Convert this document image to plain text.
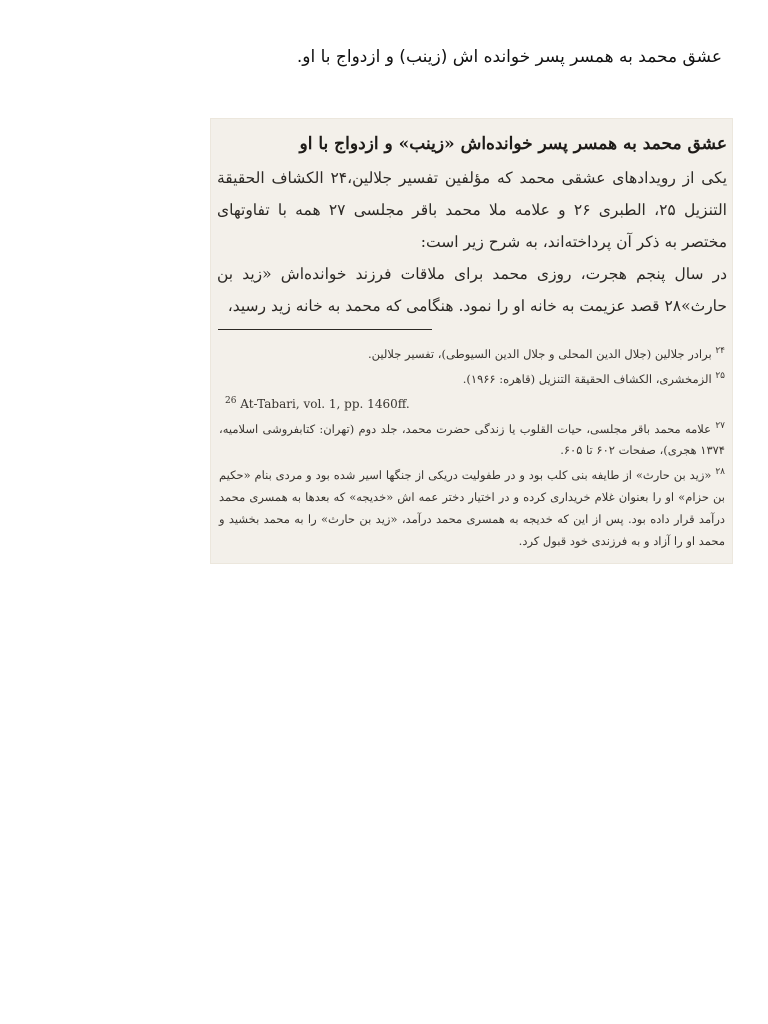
عشق محمد به همسر پسر خوانده اش (زینب) و ازدواج با او.
عشق محمد به همسر پسر خوانده‌اش «زینب» و ازدواج با او

یکی از رویدادهای عشقی محمد که مؤلفین تفسیر جلالین،۲۴ الکشاف الحقیقة التنزیل ۲۵، الطبری ۲۶ و علامه ملا محمد باقر مجلسی ۲۷ همه با تفاوتهای مختصر به ذکر آن پرداخته‌اند، به شرح زیر است:

در سال پنجم هجرت، روزی محمد برای ملاقات فرزند خوانده‌اش «زید بن حارث»۲۸ قصد عزیمت به خانه او را نمود. هنگامی که محمد به خانه زید رسید،

$^{۲۴}$ برادر جلالین (جلال الدین المحلی و جلال الدین السیوطی)، تفسیر جلالین.

$^{۲۵}$ الزمخشری، الکشاف الحقیقة التنزیل (قاهره: ۱۹۶۶).

$^{26}$ At-Tabari, vol. 1, pp. 1460ff.

$^{۲۷}$ علامه محمد باقر مجلسی، حیات القلوب یا زندگی حضرت محمد، جلد دوم (تهران: کتابفروشی اسلامیه، ۱۳۷۴ هجری)، صفحات ۶۰۲ تا ۶۰۵.

$^{۲۸}$ «زید بن حارث» از طایفه بنی کلب بود و در طفولیت دریکی از جنگها اسیر شده بود و مردی بنام «حکیم بن حزام» او را بعنوان غلام خریداری کرده و در اختیار دختر عمه اش «خدیجه» که بعدها به همسری محمد درآمد قرار داده بود. پس از این که خدیجه به همسری محمد درآمد، «زید بن حارث» را به محمد بخشید و محمد او را آزاد و به فرزندی خود قبول کرد.
